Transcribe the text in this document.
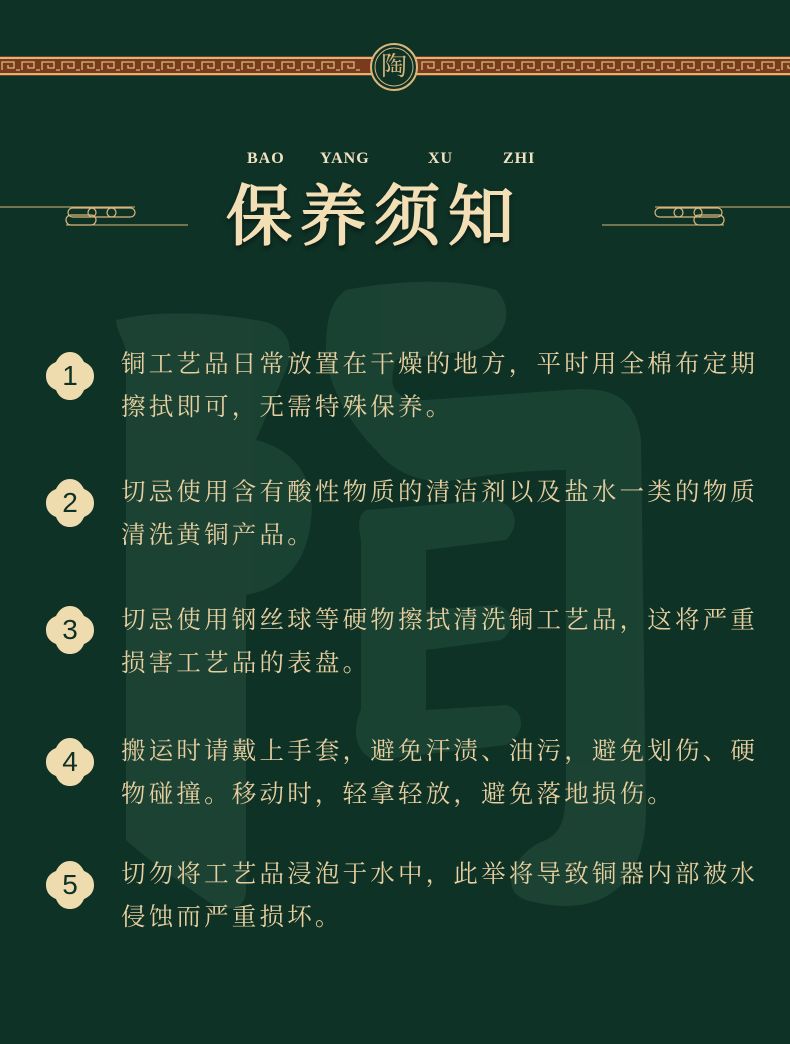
陶
BAO YANG	XU	ZHI
保养须知
1	铜工艺品日常放置在干燥的地方，平时用全棉布定期擦拭即可，无需特殊保养。
2	切忌使用含有酸性物质的清洁剂以及盐水一类的物质清洗黄铜产品。
3	切忌使用钢丝球等硬物擦拭清洗铜工艺品，这将严重损害工艺品的表盘。
4	搬运时请戴上手套，避免汗渍、油污，避免划伤、硬物碰撞。移动时，轻拿轻放，避免落地损伤。
5	切勿将工艺品浸泡于水中，此举将导致铜器内部被水侵蚀而严重损坏。
